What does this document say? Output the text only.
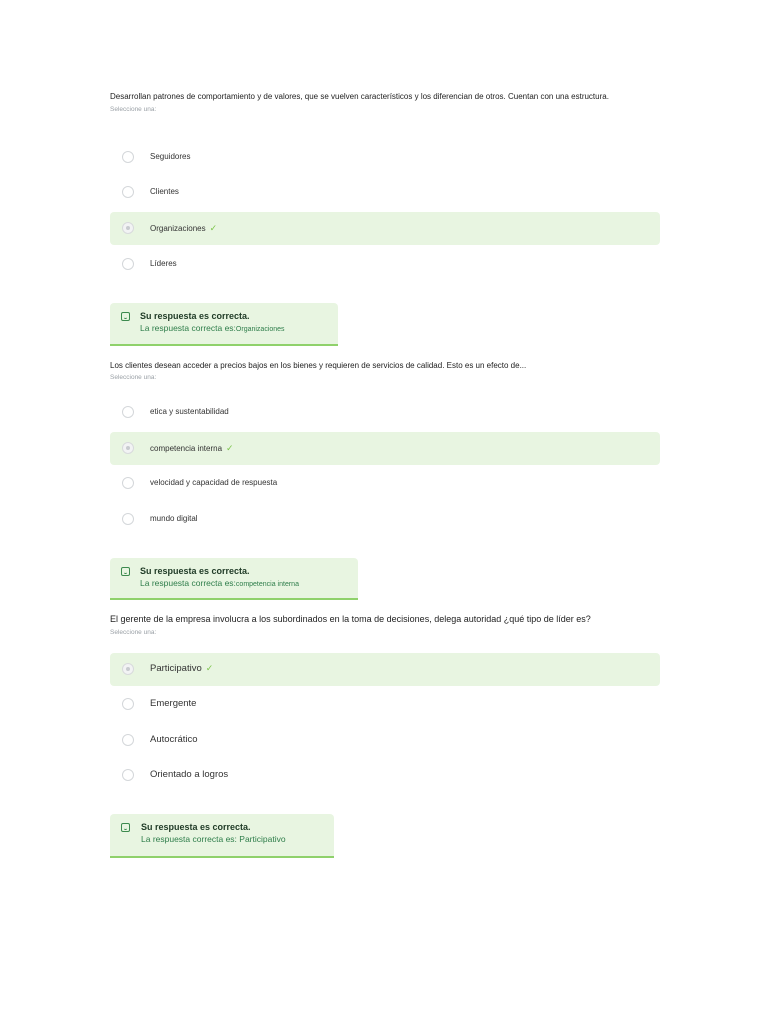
Desarrollan patrones de comportamiento y de valores, que se vuelven característicos y los diferencian de otros. Cuentan con una estructura.
Seleccione una:
Seguidores
Clientes
Organizaciones ✓
Líderes
Su respuesta es correcta.
La respuesta correcta es:Organizaciones
Los clientes desean acceder a precios bajos en los bienes y requieren de servicios de calidad. Esto es un efecto de...
Seleccione una:
etica y sustentabilidad
competencia interna ✓
velocidad y capacidad de respuesta
mundo digital
Su respuesta es correcta.
La respuesta correcta es:competencia interna
El gerente de la empresa involucra a los subordinados en la toma de decisiones, delega autoridad ¿qué tipo de líder es?
Seleccione una:
Participativo ✓
Emergente
Autocrático
Orientado a logros
Su respuesta es correcta.
La respuesta correcta es: Participativo
